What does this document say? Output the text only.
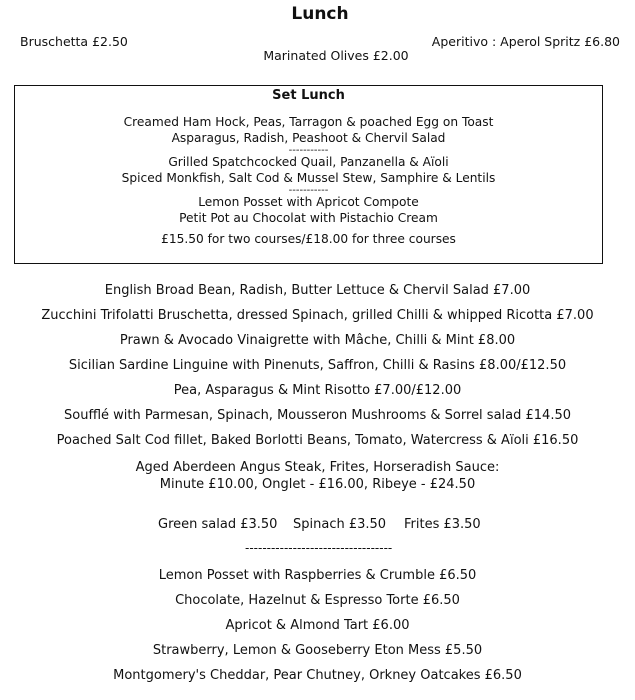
Lunch
Bruschetta £2.50	Aperitivo : Aperol Spritz £6.80
Marinated Olives £2.00
Set Lunch
Creamed Ham Hock, Peas, Tarragon & poached Egg on Toast
Asparagus, Radish, Peashoot & Chervil Salad
-----------
Grilled Spatchcocked Quail, Panzanella & Aïoli
Spiced Monkfish, Salt Cod & Mussel Stew, Samphire & Lentils
-----------
Lemon Posset with Apricot Compote
Petit Pot au Chocolat with Pistachio Cream
£15.50 for two courses/£18.00 for three courses
English Broad Bean, Radish, Butter Lettuce & Chervil Salad £7.00
Zucchini Trifolatti Bruschetta, dressed Spinach, grilled Chilli & whipped Ricotta £7.00
Prawn & Avocado Vinaigrette with Mâche, Chilli & Mint £8.00
Sicilian Sardine Linguine with Pinenuts, Saffron, Chilli & Rasins £8.00/£12.50
Pea, Asparagus & Mint Risotto £7.00/£12.00
Soufflé with Parmesan, Spinach, Mousseron Mushrooms & Sorrel salad £14.50
Poached Salt Cod fillet, Baked Borlotti Beans, Tomato, Watercress & Aïoli £16.50
Aged Aberdeen Angus Steak, Frites, Horseradish Sauce:
Minute £10.00, Onglet - £16.00, Ribeye - £24.50
Green salad £3.50 Spinach £3.50 Frites £3.50
----------------------------------
Lemon Posset with Raspberries & Crumble £6.50
Chocolate, Hazelnut & Espresso Torte £6.50
Apricot & Almond Tart £6.00
Strawberry, Lemon & Gooseberry Eton Mess £5.50
Montgomery's Cheddar, Pear Chutney, Orkney Oatcakes £6.50
